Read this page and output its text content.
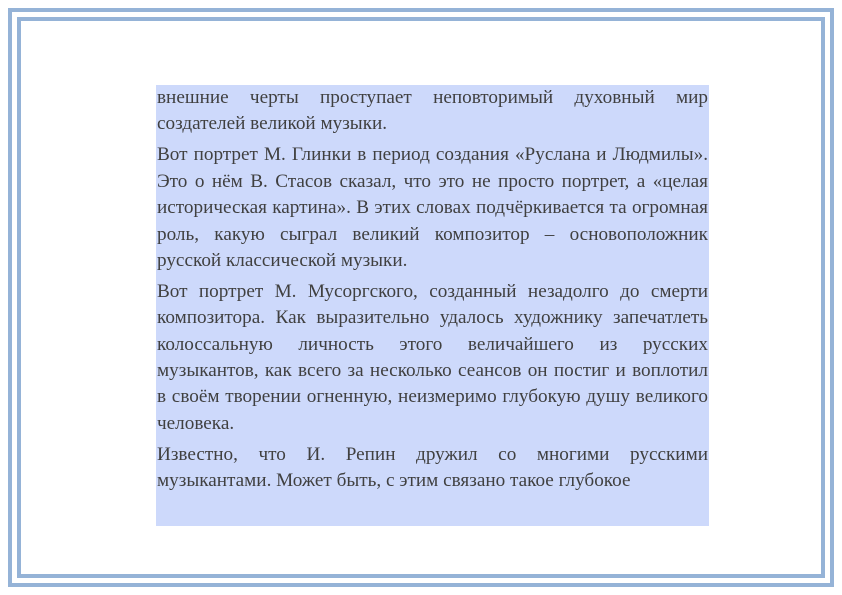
внешние черты проступает неповторимый духовный мир создателей великой музыки.

Вот портрет М. Глинки в период создания «Руслана и Людмилы». Это о нём В. Стасов сказал, что это не просто портрет, а «целая историческая картина». В этих словах подчёркивается та огромная роль, какую сыграл великий композитор – основоположник русской классической музыки.

Вот портрет М. Мусоргского, созданный незадолго до смерти композитора. Как выразительно удалось художнику запечатлеть колоссальную личность этого величайшего из русских музыкантов, как всего за несколько сеансов он постиг и воплотил в своём творении огненную, неизмеримо глубокую душу великого человека.

Известно, что И. Репин дружил со многими русскими музыкантами. Может быть, с этим связано такое глубокое
